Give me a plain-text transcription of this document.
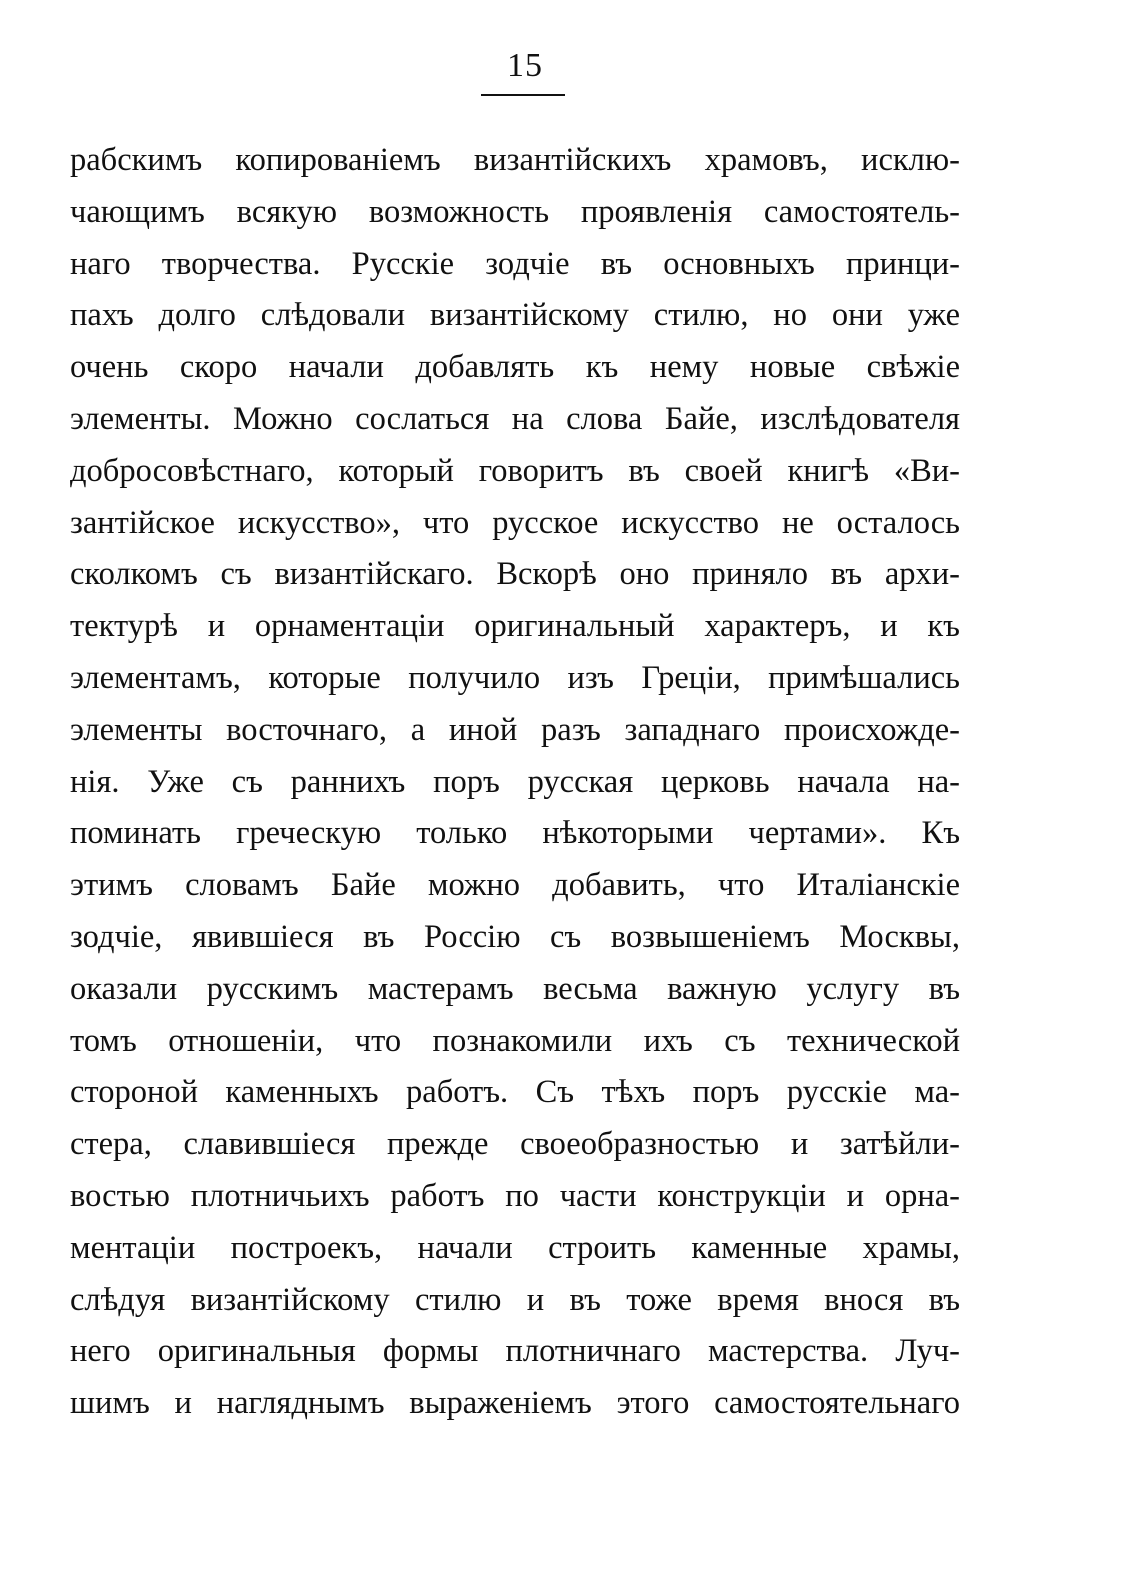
15
рабскимъ копированіемъ византійскихъ храмовъ, исклю-
чающимъ всякую возможность проявленія самостоятель-
наго творчества. Русскіе зодчіе въ основныхъ принци-
пахъ долго слѣдовали византійскому стилю, но они уже
очень скоро начали добавлять къ нему новые свѣжіе
элементы. Можно сослаться на слова Байе, изслѣдователя
добросовѣстнаго, который говоритъ въ своей книгѣ «Ви-
зантійское искусство», что русское искусство не осталось
сколкомъ съ византійскаго. Вскорѣ оно приняло въ архи-
тектурѣ и орнаментаціи оригинальный характеръ, и къ
элементамъ, которые получило изъ Греціи, примѣшались
элементы восточнаго, а иной разъ западнаго происхожде-
нія. Уже съ раннихъ поръ русская церковь начала на-
поминать греческую только нѣкоторыми чертами». Къ
этимъ словамъ Байе можно добавить, что Италіанскіе
зодчіе, явившіеся въ Россію съ возвышеніемъ Москвы,
оказали русскимъ мастерамъ весьма важную услугу въ
томъ отношеніи, что познакомили ихъ съ технической
стороной каменныхъ работъ. Съ тѣхъ поръ русскіе ма-
стера, славившіеся прежде своеобразностью и затѣйли-
востью плотничьихъ работъ по части конструкціи и орна-
ментаціи построекъ, начали строить каменные храмы,
слѣдуя византійскому стилю и въ тоже время внося въ
него оригинальныя формы плотничнаго мастерства. Луч-
шимъ и нагляднымъ выраженіемъ этого самостоятельнаго
